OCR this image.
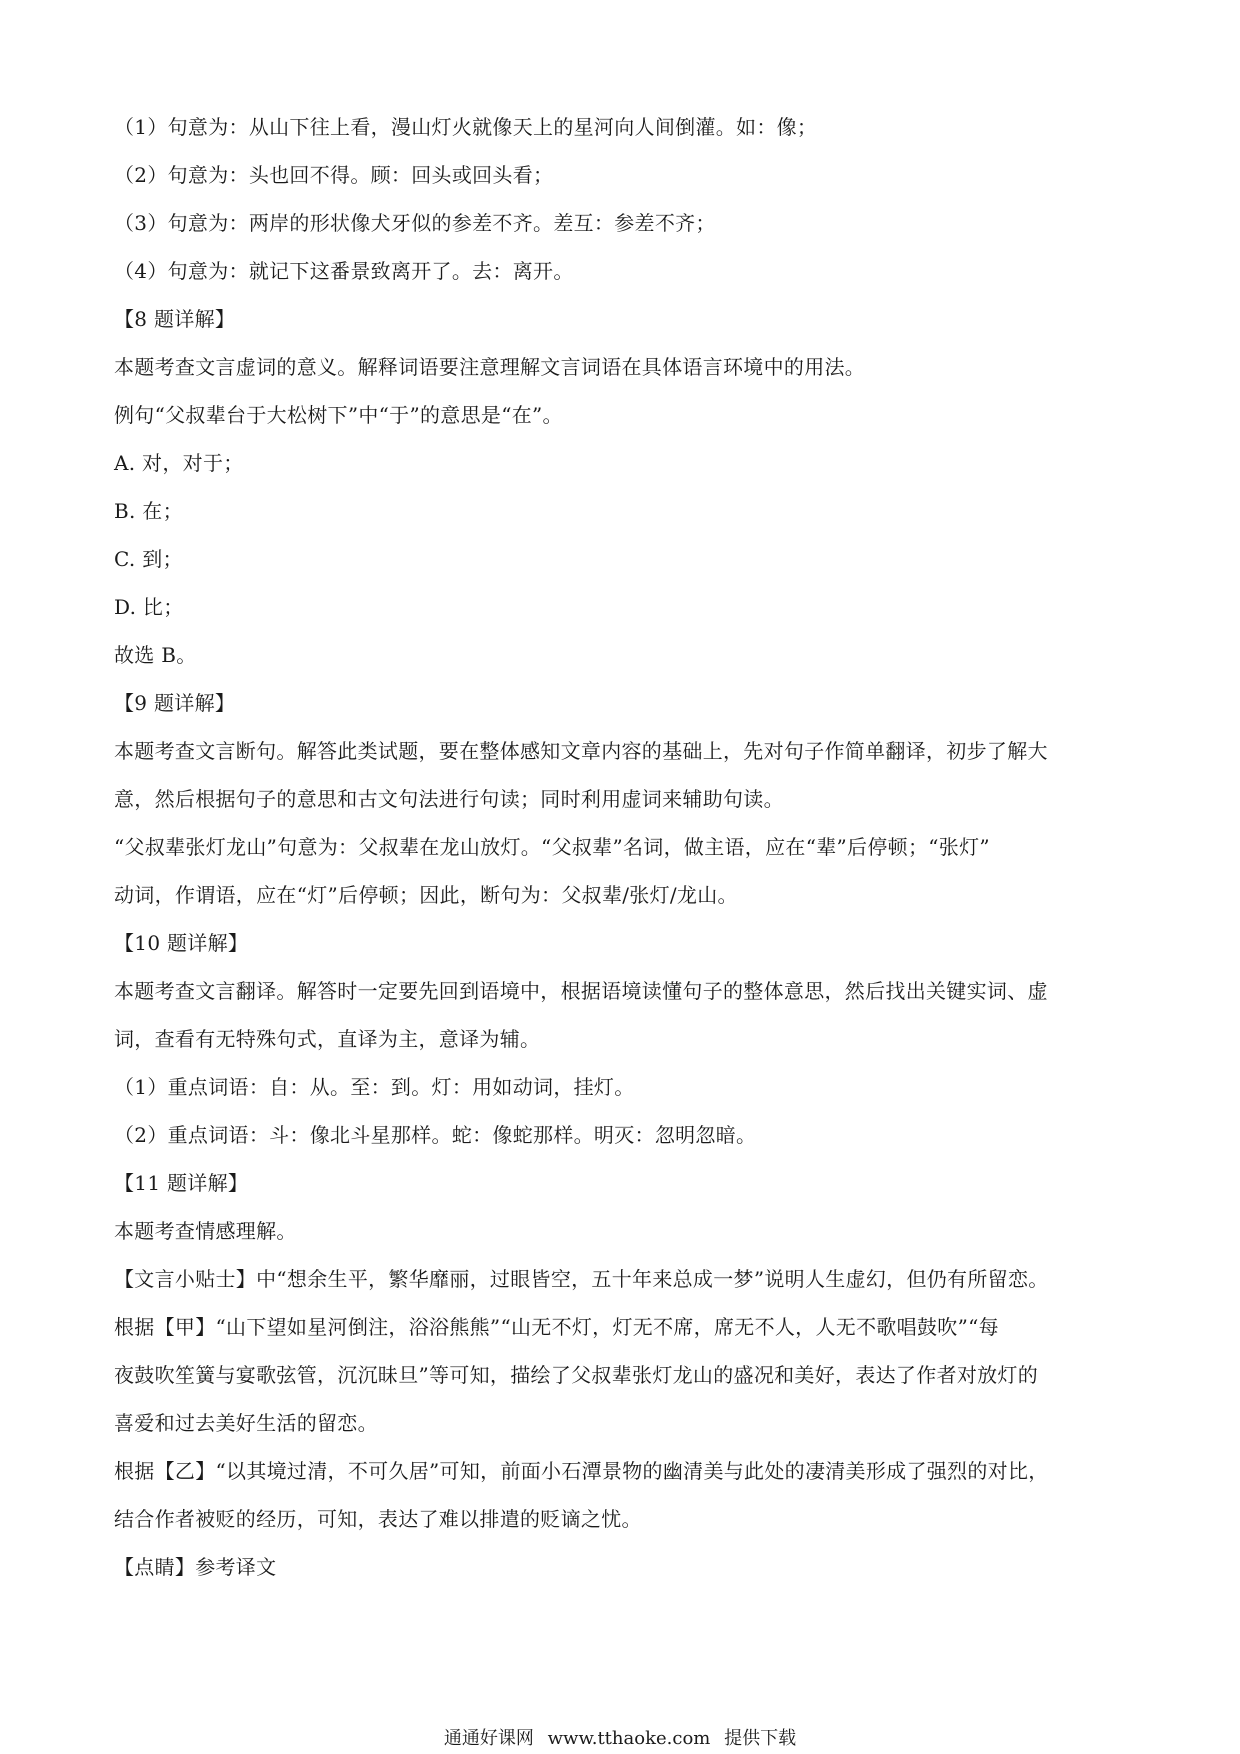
（1）句意为：从山下往上看，漫山灯火就像天上的星河向人间倒灌。如：像；
（2）句意为：头也回不得。顾：回头或回头看；
（3）句意为：两岸的形状像犬牙似的参差不齐。差互：参差不齐；
（4）句意为：就记下这番景致离开了。去：离开。
【8 题详解】
本题考查文言虚词的意义。解释词语要注意理解文言词语在具体语言环境中的用法。
例句“父叔辈台于大松树下”中“于”的意思是“在”。
A. 对，对于；
B. 在；
C. 到；
D. 比；
故选 B。
【9 题详解】
本题考查文言断句。解答此类试题，要在整体感知文章内容的基础上，先对句子作简单翻译，初步了解大
意，然后根据句子的意思和古文句法进行句读；同时利用虚词来辅助句读。
“父叔辈张灯龙山”句意为：父叔辈在龙山放灯。“父叔辈”名词，做主语，应在“辈”后停顿；“张灯”
动词，作谓语，应在“灯”后停顿；因此，断句为：父叔辈/张灯/龙山。
【10 题详解】
本题考查文言翻译。解答时一定要先回到语境中，根据语境读懂句子的整体意思，然后找出关键实词、虚
词，查看有无特殊句式，直译为主，意译为辅。
（1）重点词语：自：从。至：到。灯：用如动词，挂灯。
（2）重点词语：斗：像北斗星那样。蛇：像蛇那样。明灭：忽明忽暗。
【11 题详解】
本题考查情感理解。
【文言小贴士】中“想余生平，繁华靡丽，过眼皆空，五十年来总成一梦”说明人生虚幻，但仍有所留恋。
根据【甲】“山下望如星河倒注，浴浴熊熊”“山无不灯，灯无不席，席无不人，人无不歌唱鼓吹”“每
夜鼓吹笙簧与宴歌弦管，沉沉昧旦”等可知，描绘了父叔辈张灯龙山的盛况和美好，表达了作者对放灯的
喜爱和过去美好生活的留恋。
根据【乙】“以其境过清，不可久居”可知，前面小石潭景物的幽清美与此处的凄清美形成了强烈的对比，
结合作者被贬的经历，可知，表达了难以排遣的贬谪之忧。
【点睛】参考译文
通通好课网 www.tthaoke.com 提供下载
